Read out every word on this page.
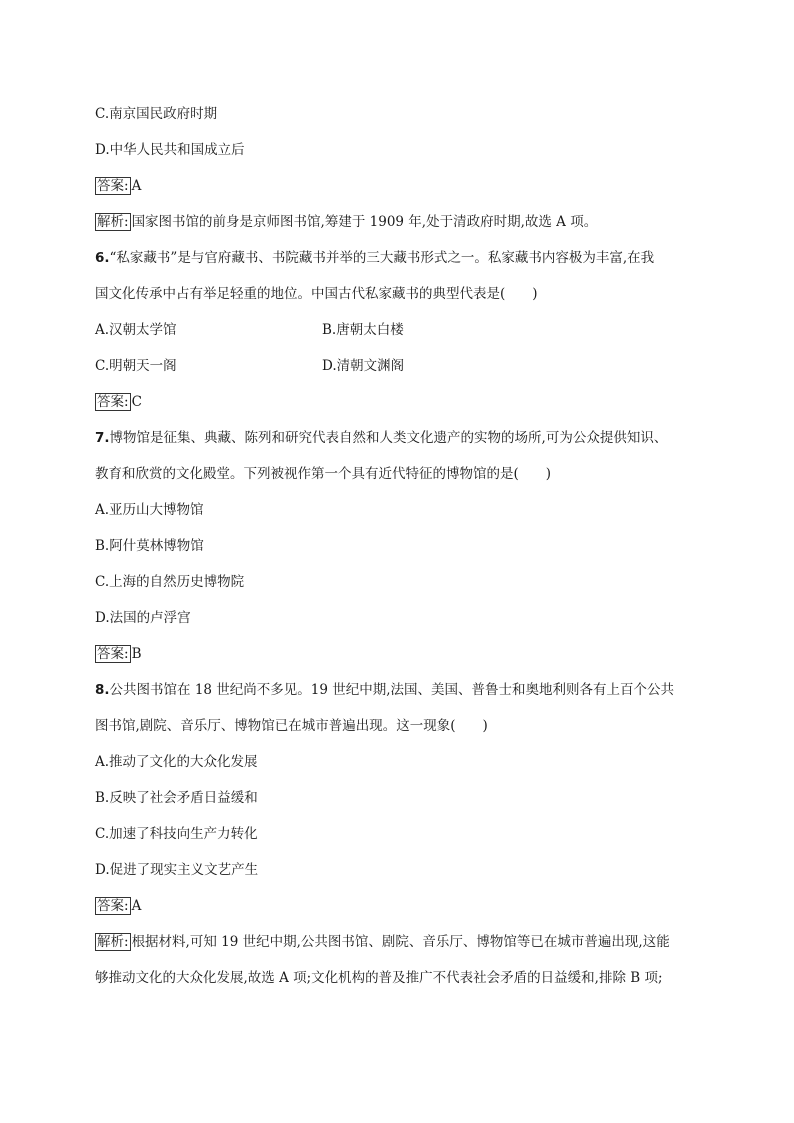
C.南京国民政府时期
D.中华人民共和国成立后
答案: A
解析: 国家图书馆的前身是京师图书馆,筹建于 1909 年,处于清政府时期,故选 A 项。
6.“私家藏书”是与官府藏书、书院藏书并举的三大藏书形式之一。私家藏书内容极为丰富,在我
国文化传承中占有举足轻重的地位。中国古代私家藏书的典型代表是(　　)
A.汉朝太学馆	B.唐朝太白楼
C.明朝天一阁	D.清朝文渊阁
答案: C
7.博物馆是征集、典藏、陈列和研究代表自然和人类文化遗产的实物的场所,可为公众提供知识、
教育和欣赏的文化殿堂。下列被视作第一个具有近代特征的博物馆的是(　　)
A.亚历山大博物馆
B.阿什莫林博物馆
C.上海的自然历史博物院
D.法国的卢浮宫
答案: B
8.公共图书馆在 18 世纪尚不多见。19 世纪中期,法国、美国、普鲁士和奥地利则各有上百个公共
图书馆,剧院、音乐厅、博物馆已在城市普遍出现。这一现象(　　)
A.推动了文化的大众化发展
B.反映了社会矛盾日益缓和
C.加速了科技向生产力转化
D.促进了现实主义文艺产生
答案: A
解析: 根据材料,可知 19 世纪中期,公共图书馆、剧院、音乐厅、博物馆等已在城市普遍出现,这能
够推动文化的大众化发展,故选 A 项;文化机构的普及推广不代表社会矛盾的日益缓和,排除 B 项;
